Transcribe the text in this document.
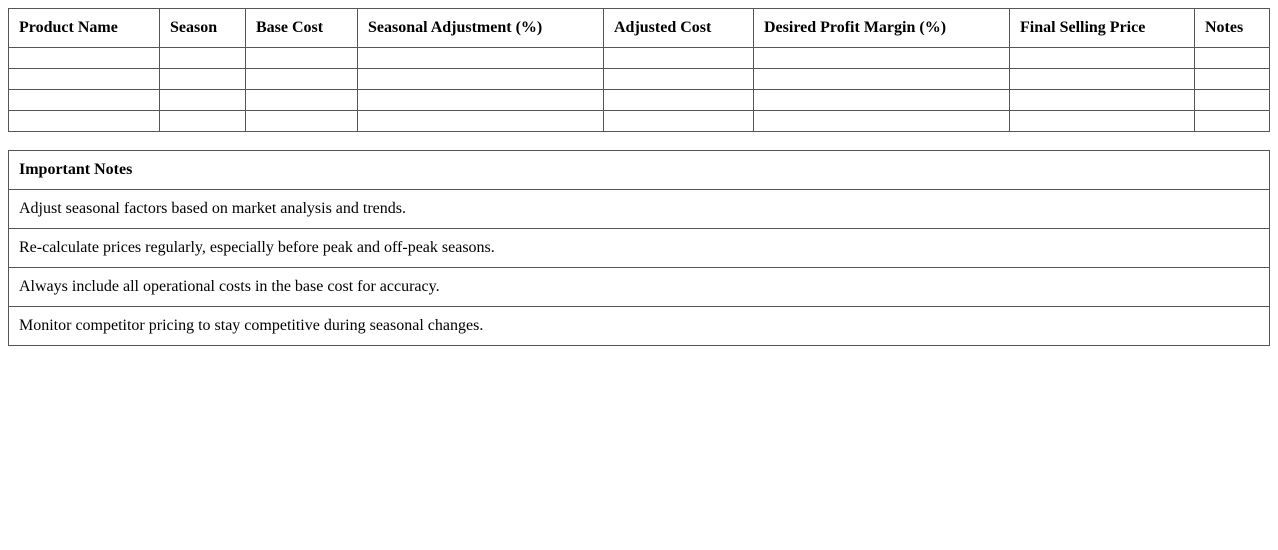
Product Name	Season	Base Cost	Seasonal Adjustment (%)	Adjusted Cost	Desired Profit Margin (%)	Final Selling Price	Notes

Important Notes
Adjust seasonal factors based on market analysis and trends.
Re-calculate prices regularly, especially before peak and off-peak seasons.
Always include all operational costs in the base cost for accuracy.
Monitor competitor pricing to stay competitive during seasonal changes.
